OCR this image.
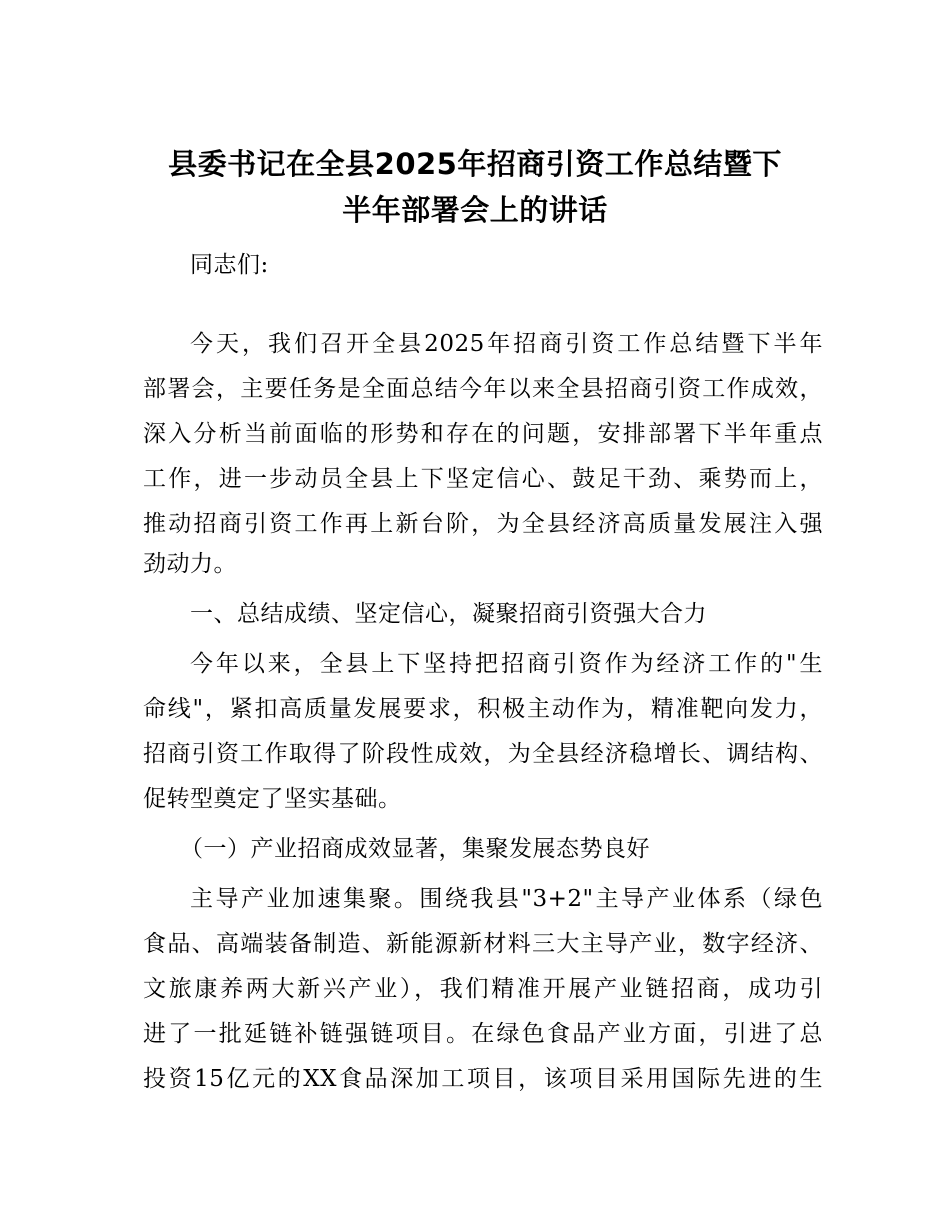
县委书记在全县2025年招商引资工作总结暨下
半年部署会上的讲话
同志们:
今天，我们召开全县2025年招商引资工作总结暨下半年
部署会，主要任务是全面总结今年以来全县招商引资工作成效，
深入分析当前面临的形势和存在的问题，安排部署下半年重点
工作，进一步动员全县上下坚定信心、鼓足干劲、乘势而上，
推动招商引资工作再上新台阶，为全县经济高质量发展注入强
劲动力。
一、总结成绩、坚定信心，凝聚招商引资强大合力
今年以来，全县上下坚持把招商引资作为经济工作的"生
命线"，紧扣高质量发展要求，积极主动作为，精准靶向发力，
招商引资工作取得了阶段性成效，为全县经济稳增长、调结构、
促转型奠定了坚实基础。
（一）产业招商成效显著，集聚发展态势良好
主导产业加速集聚。围绕我县"3+2"主导产业体系（绿色
食品、高端装备制造、新能源新材料三大主导产业，数字经济、
文旅康养两大新兴产业），我们精准开展产业链招商，成功引
进了一批延链补链强链项目。在绿色食品产业方面，引进了总
投资15亿元的XX食品深加工项目，该项目采用国际先进的生
